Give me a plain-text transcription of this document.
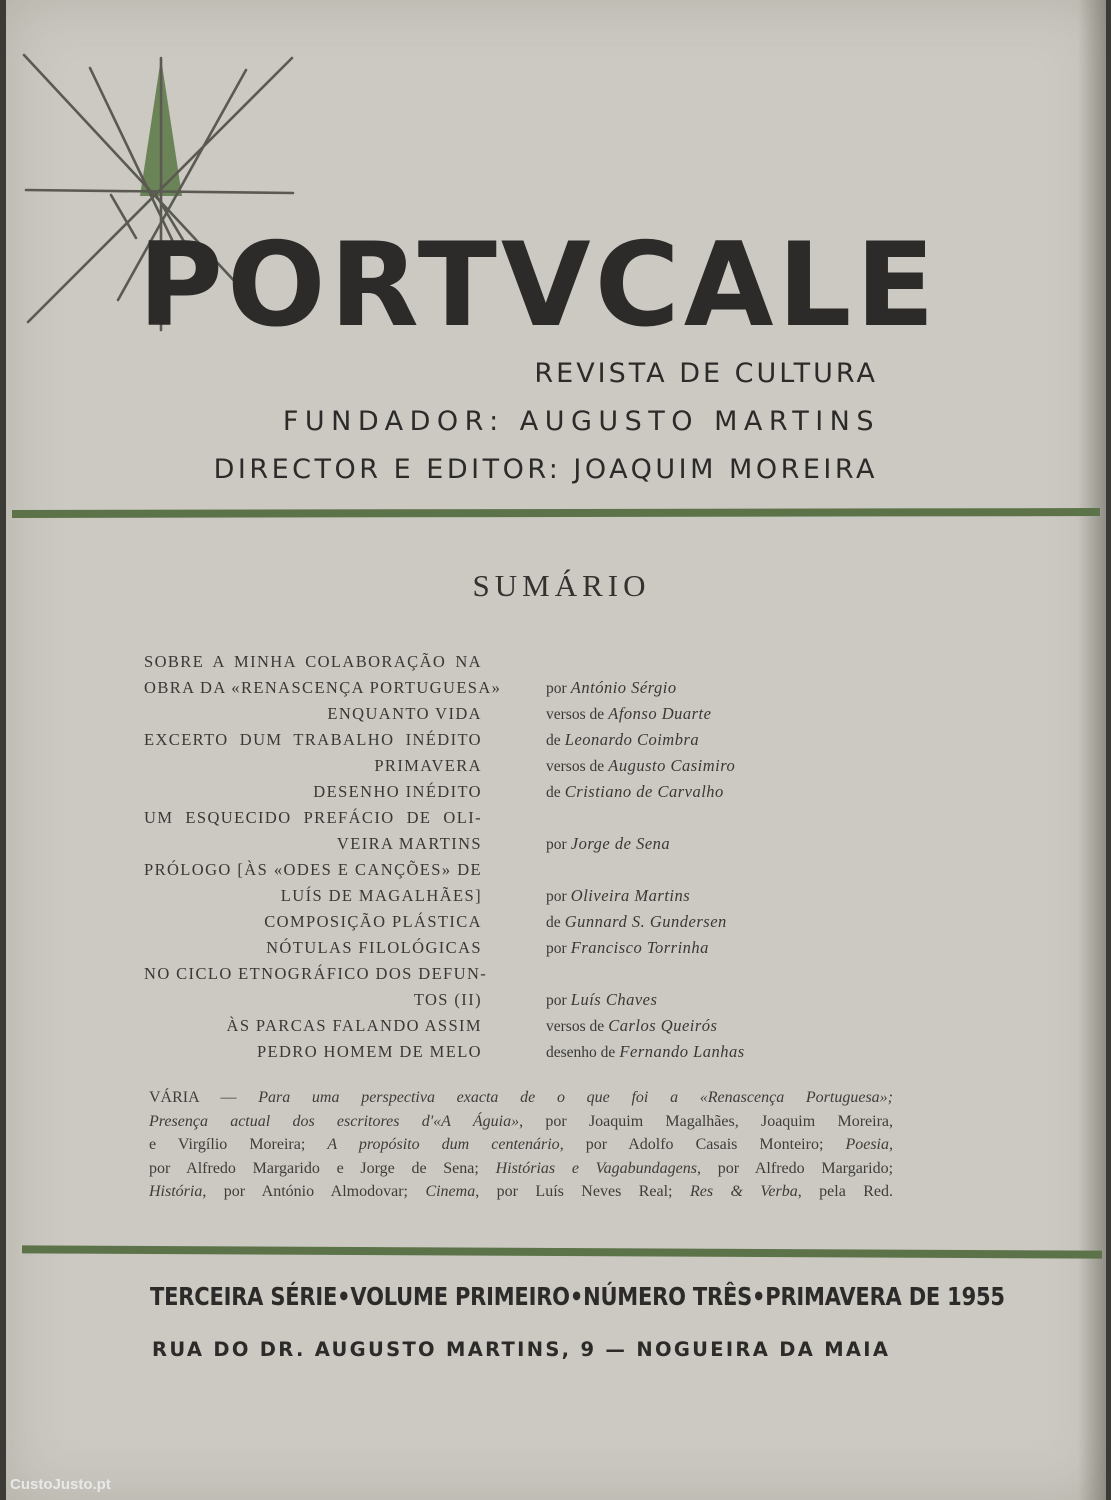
PORTVCALE
REVISTA DE CULTURA
FUNDADOR: AUGUSTO MARTINS
DIRECTOR E EDITOR: JOAQUIM MOREIRA
SUMÁRIO
SOBRE A MINHA COLABORAÇÃO NA
OBRA DA «RENASCENÇA PORTUGUESA»	por António Sérgio
ENQUANTO VIDA	versos de Afonso Duarte
EXCERTO DUM TRABALHO INÉDITO	de Leonardo Coimbra
PRIMAVERA	versos de Augusto Casimiro
DESENHO INÉDITO	de Cristiano de Carvalho
UM ESQUECIDO PREFÁCIO DE OLI-
VEIRA MARTINS	por Jorge de Sena
PRÓLOGO [ÀS «ODES E CANÇÕES» DE
LUÍS DE MAGALHÃES]	por Oliveira Martins
COMPOSIÇÃO PLÁSTICA	de Gunnard S. Gundersen
NÓTULAS FILOLÓGICAS	por Francisco Torrinha
NO CICLO ETNOGRÁFICO DOS DEFUN-
TOS (II)	por Luís Chaves
ÀS PARCAS FALANDO ASSIM	versos de Carlos Queirós
PEDRO HOMEM DE MELO	desenho de Fernando Lanhas
VÁRIA — Para uma perspectiva exacta de o que foi a «Renascença Portuguesa»;
Presença actual dos escritores d'«A Águia», por Joaquim Magalhães, Joaquim Moreira,
e Virgílio Moreira; A propósito dum centenário, por Adolfo Casais Monteiro; Poesia,
por Alfredo Margarido e Jorge de Sena; Histórias e Vagabundagens, por Alfredo Margarido;
História, por António Almodovar; Cinema, por Luís Neves Real; Res & Verba, pela Red.
TERCEIRA SÉRIE • VOLUME PRIMEIRO • NÚMERO TRÊS • PRIMAVERA DE 1955
RUA DO DR. AUGUSTO MARTINS, 9 — NOGUEIRA DA MAIA
CustoJusto.pt
